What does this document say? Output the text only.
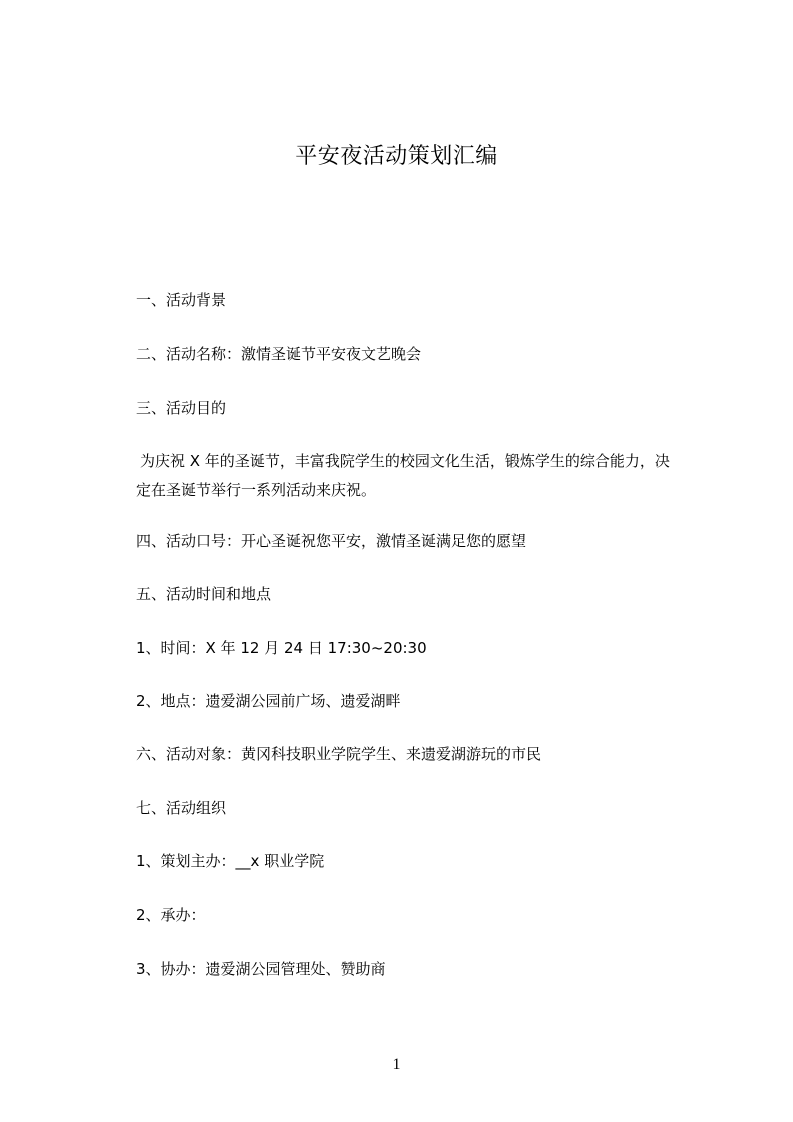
平安夜活动策划汇编
一、活动背景
二、活动名称：激情圣诞节平安夜文艺晚会
三、活动目的
为庆祝 X 年的圣诞节，丰富我院学生的校园文化生活，锻炼学生的综合能力，决
定在圣诞节举行一系列活动来庆祝。
四、活动口号：开心圣诞祝您平安，激情圣诞满足您的愿望
五、活动时间和地点
1、时间：X 年 12 月 24 日 17:30~20:30
2、地点：遗爱湖公园前广场、遗爱湖畔
六、活动对象：黄冈科技职业学院学生、来遗爱湖游玩的市民
七、活动组织
1、策划主办：__x 职业学院
2、承办：
3、协办：遗爱湖公园管理处、赞助商
1
